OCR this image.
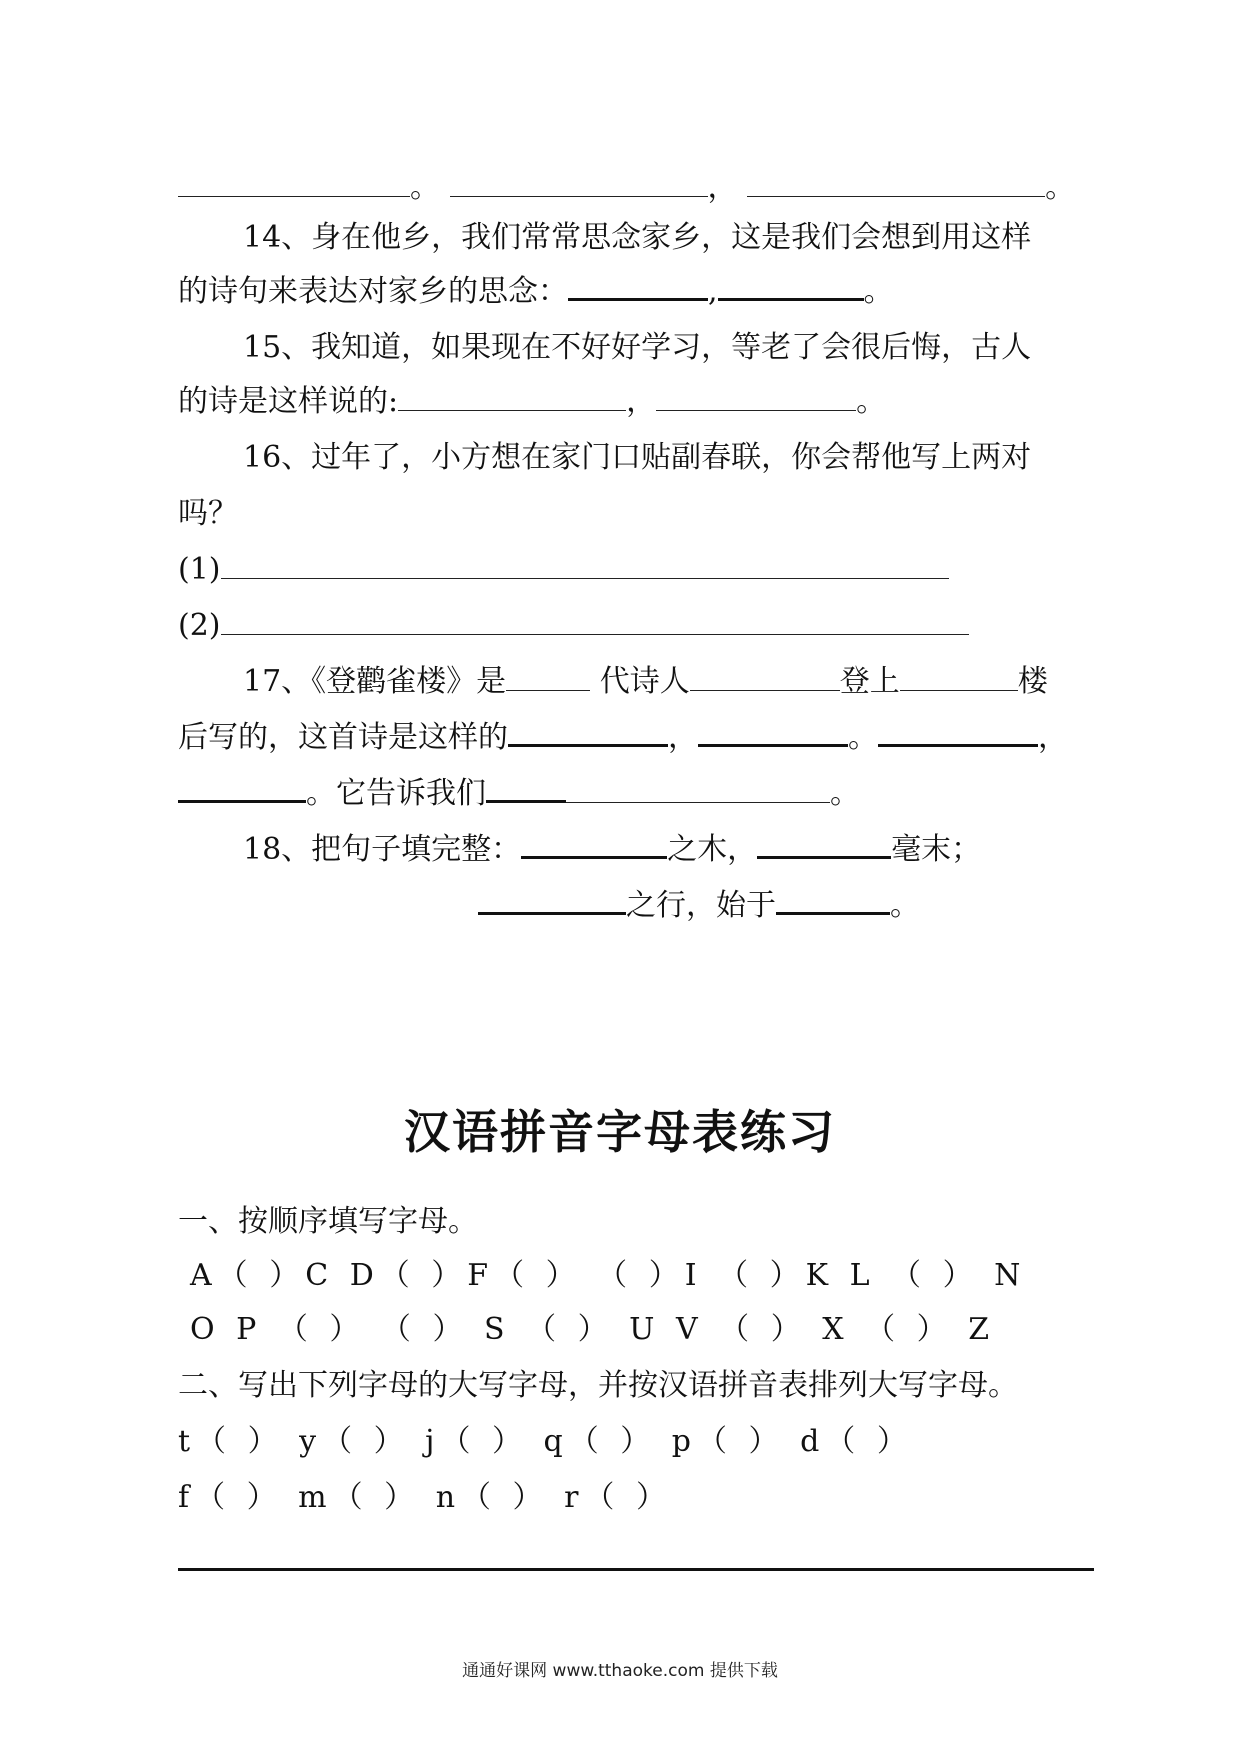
。	，	。
14、身在他乡，我们常常思念家乡，这是我们会想到用这样
的诗句来表达对家乡的思念：	,	。
15、我知道，如果现在不好好学习，等老了会很后悔，古人
的诗是这样说的:	，	。
16、过年了，小方想在家门口贴副春联，你会帮他写上两对
吗？
(1)
(2)
17、《登鹳雀楼》是	代诗人	登上	楼
后写的，这首诗是这样的	，	。	，
。它告诉我们	。
18、把句子填完整：	之木，	毫末；
之行，始于	。
汉语拼音字母表练习
一、按顺序填写字母。
A（ ）C D（ ）F（ ） （ ）I （ ）K L （ ） N
O P （ ） （ ） S （ ） U V （ ） X （ ） Z
二、写出下列字母的大写字母，并按汉语拼音表排列大写字母。
t（ ） y（ ） j（ ） q（ ） p（ ） d（ ）
f（ ） m（ ） n（ ） r（ ）
通通好课网 www.tthaoke.com 提供下载
